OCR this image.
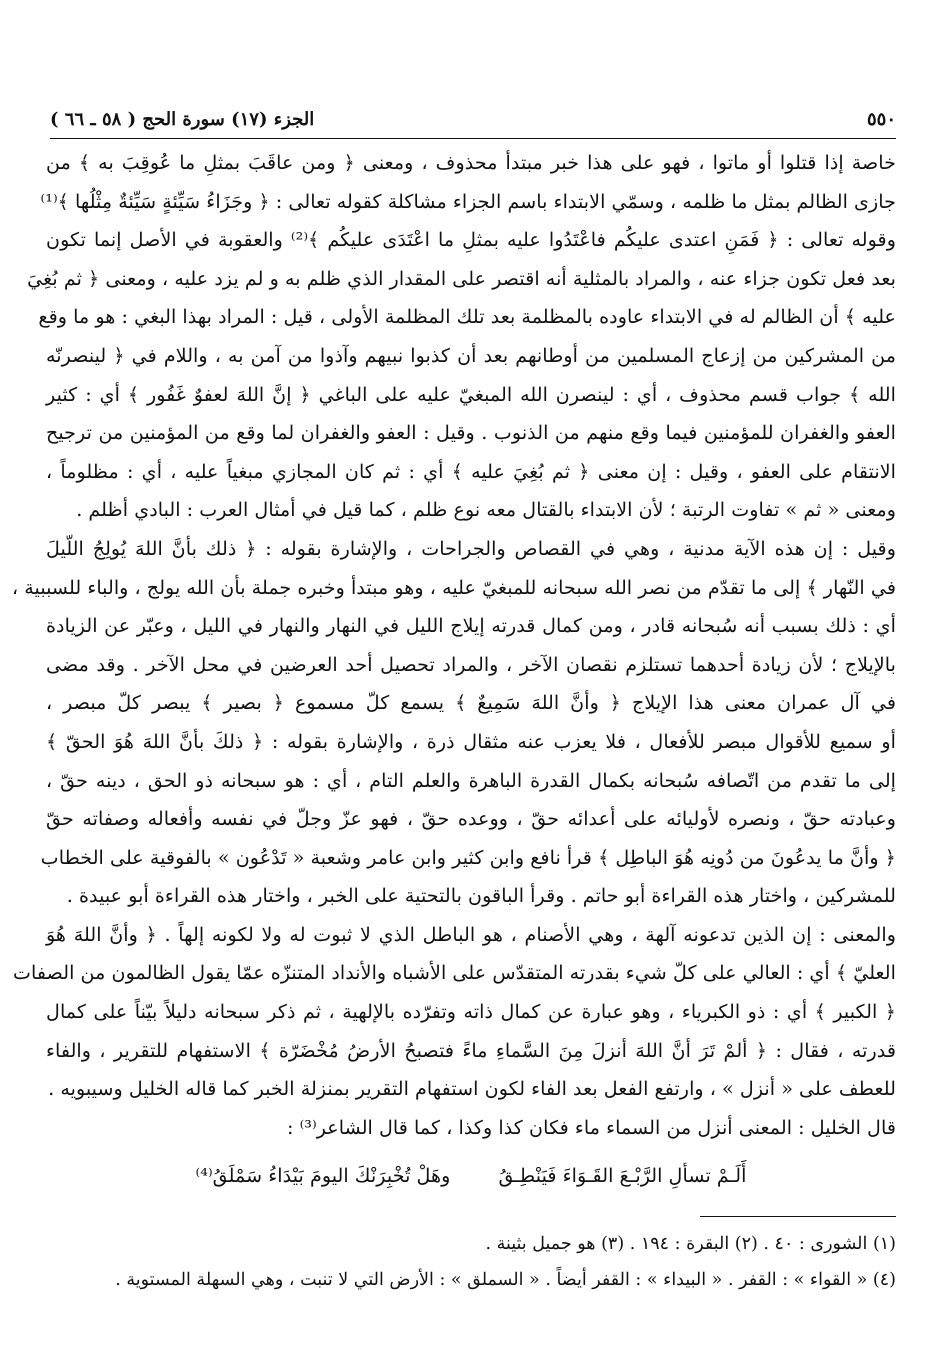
٥٥٠
الجزء (١٧) سورة الحج ( ٥٨ ـ ٦٦ )
خاصة إذا قتلوا أو ماتوا ، فهو على هذا خبر مبتدأ محذوف ، ومعنى ﴿ ومن عاقَبَ بمثلِ ما عُوقِبَ به ﴾ من
جازى الظالم بمثل ما ظلمه ، وسمّي الابتداء باسم الجزاء مشاكلة كقوله تعالى : ﴿ وجَزَاءُ سَيِّئةٍ سَيِّئةٌ مِثْلُها ﴾⁽¹⁾
وقوله تعالى : ﴿ فَمَنِ اعتدى عليكُم فاعْتَدُوا عليه بمثلِ ما اعْتَدَى عليكُم ﴾⁽²⁾ والعقوبة في الأصل إنما تكون
بعد فعل تكون جزاء عنه ، والمراد بالمثلية أنه اقتصر على المقدار الذي ظلم به و لم يزد عليه ، ومعنى ﴿ ثم بُغِيَ
عليه ﴾ أن الظالم له في الابتداء عاوده بالمظلمة بعد تلك المظلمة الأولى ، قيل : المراد بهذا البغي : هو ما وقع
من المشركين من إزعاج المسلمين من أوطانهم بعد أن كذبوا نبيهم وآذوا من آمن به ، واللام في ﴿ لينصرنّه
الله ﴾ جواب قسم محذوف ، أي : لينصرن الله المبغيّ عليه على الباغي ﴿ إنَّ اللهَ لعفوٌ غَفُور ﴾ أي : كثير
العفو والغفران للمؤمنين فيما وقع منهم من الذنوب . وقيل : العفو والغفران لما وقع من المؤمنين من ترجيح
الانتقام على العفو ، وقيل : إن معنى ﴿ ثم بُغِيَ عليه ﴾ أي : ثم كان المجازي مبغياً عليه ، أي : مظلوماً ،
ومعنى « ثم » تفاوت الرتبة ؛ لأن الابتداء بالقتال معه نوع ظلم ، كما قيل في أمثال العرب : البادي أظلم .
وقيل : إن هذه الآية مدنية ، وهي في القصاص والجراحات ، والإشارة بقوله : ﴿ ذلك بأنَّ اللهَ يُولِجُ اللّيلَ
في النّهار ﴾ إلى ما تقدّم من نصر الله سبحانه للمبغيّ عليه ، وهو مبتدأ وخبره جملة بأن الله يولج ، والباء للسببية ،
أي : ذلك بسبب أنه سُبحانه قادر ، ومن كمال قدرته إيلاج الليل في النهار والنهار في الليل ، وعبّر عن الزيادة
بالإيلاج ؛ لأن زيادة أحدهما تستلزم نقصان الآخر ، والمراد تحصيل أحد العرضين في محل الآخر . وقد مضى
في آل عمران معنى هذا الإيلاج ﴿ وأنَّ اللهَ سَمِيعٌ ﴾ يسمع كلّ مسموع ﴿ بصير ﴾ يبصر كلّ مبصر ،
أو سميع للأقوال مبصر للأفعال ، فلا يعزب عنه مثقال ذرة ، والإشارة بقوله : ﴿ ذلكَ بأنَّ اللهَ هُوَ الحقّ ﴾
إلى ما تقدم من اتّصافه سُبحانه بكمال القدرة الباهرة والعلم التام ، أي : هو سبحانه ذو الحق ، دينه حقّ ،
وعبادته حقّ ، ونصره لأوليائه على أعدائه حقّ ، ووعده حقّ ، فهو عزّ وجلّ في نفسه وأفعاله وصفاته حقّ
﴿ وأنَّ ما يدعُونَ من دُونِه هُوَ الباطِل ﴾ قرأ نافع وابن كثير وابن عامر وشعبة « تَدْعُون » بالفوقية على الخطاب
للمشركين ، واختار هذه القراءة أبو حاتم . وقرأ الباقون بالتحتية على الخبر ، واختار هذه القراءة أبو عبيدة .
والمعنى : إن الذين تدعونه آلهة ، وهي الأصنام ، هو الباطل الذي لا ثبوت له ولا لكونه إلهاً . ﴿ وأنَّ اللهَ هُوَ
العليّ ﴾ أي : العالي على كلّ شيء بقدرته المتقدّس على الأشباه والأنداد المتنزّه عمّا يقول الظالمون من الصفات
﴿ الكبير ﴾ أي : ذو الكبرياء ، وهو عبارة عن كمال ذاته وتفرّده بالإلهية ، ثم ذكر سبحانه دليلاً بيّناً على كمال
قدرته ، فقال : ﴿ ألمْ تَرَ أنَّ اللهَ أنزلَ مِنَ السَّماءِ ماءً فتصبحُ الأرضُ مُخْضَرّة ﴾ الاستفهام للتقرير ، والفاء
للعطف على « أنزل » ، وارتفع الفعل بعد الفاء لكون استفهام التقرير بمنزلة الخبر كما قاله الخليل وسيبويه .
قال الخليل : المعنى أنزل من السماء ماء فكان كذا وكذا ، كما قال الشاعر⁽³⁾ :
أَلَـمْ تسألِ الرَّبْـعَ القَـوَاءَ فَيَنْطِـقُ
وهَلْ تُخْبِرَنْكَ اليومَ بَيْدَاءُ سَمْلَقُ⁽⁴⁾
(١) الشورى : ٤٠ . (٢) البقرة : ١٩٤ . (٣) هو جميل بثينة .
(٤) « القواء » : القفر . « البيداء » : القفر أيضاً . « السملق » : الأرض التي لا تنبت ، وهي السهلة المستوية .
